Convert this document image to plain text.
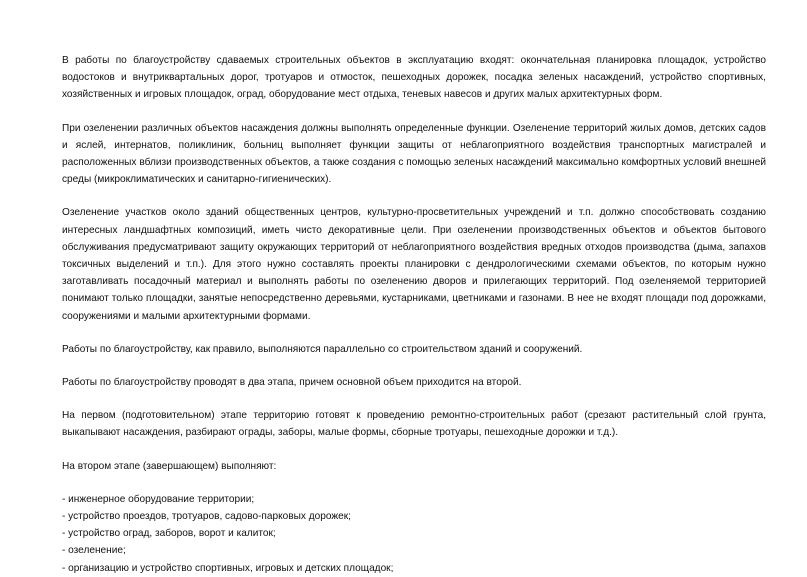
В работы по благоустройству сдаваемых строительных объектов в эксплуатацию входят: окончательная планировка площадок, устройство водостоков и внутриквартальных дорог, тротуаров и отмосток, пешеходных дорожек, посадка зеленых насаждений, устройство спортивных, хозяйственных и игровых площадок, оград, оборудование мест отдыха, теневых навесов и других малых архитектурных форм.

При озеленении различных объектов насаждения должны выполнять определенные функции. Озеленение территорий жилых домов, детских садов и яслей, интернатов, поликлиник, больниц выполняет функции защиты от неблагоприятного воздействия транспортных магистралей и расположенных вблизи производственных объектов, а также создания с помощью зеленых насаждений максимально комфортных условий внешней среды (микроклиматических и санитарно-гигиенических).

Озеленение участков около зданий общественных центров, культурно-просветительных учреждений и т.п. должно способствовать созданию интересных ландшафтных композиций, иметь чисто декоративные цели. При озеленении производственных объектов и объектов бытового обслуживания предусматривают защиту окружающих территорий от неблагоприятного воздействия вредных отходов производства (дыма, запахов токсичных выделений и т.п.). Для этого нужно составлять проекты планировки с дендрологическими схемами объектов, по которым нужно заготавливать посадочный материал и выполнять работы по озеленению дворов и прилегающих территорий. Под озеленяемой территорией понимают только площадки, занятые непосредственно деревьями, кустарниками, цветниками и газонами. В нее не входят площади под дорожками, сооружениями и малыми архитектурными формами.

Работы по благоустройству, как правило, выполняются параллельно со строительством зданий и сооружений.

Работы по благоустройству проводят в два этапа, причем основной объем приходится на второй.

На первом (подготовительном) этапе территорию готовят к проведению ремонтно-строительных работ (срезают растительный слой грунта, выкапывают насаждения, разбирают ограды, заборы, малые формы, сборные тротуары, пешеходные дорожки и т.д.).

На втором этапе (завершающем) выполняют:

- инженерное оборудование территории;
- устройство проездов, тротуаров, садово-парковых дорожек;
- устройство оград, заборов, ворот и калиток;
- озеленение;
- организацию и устройство спортивных, игровых и детских площадок;
